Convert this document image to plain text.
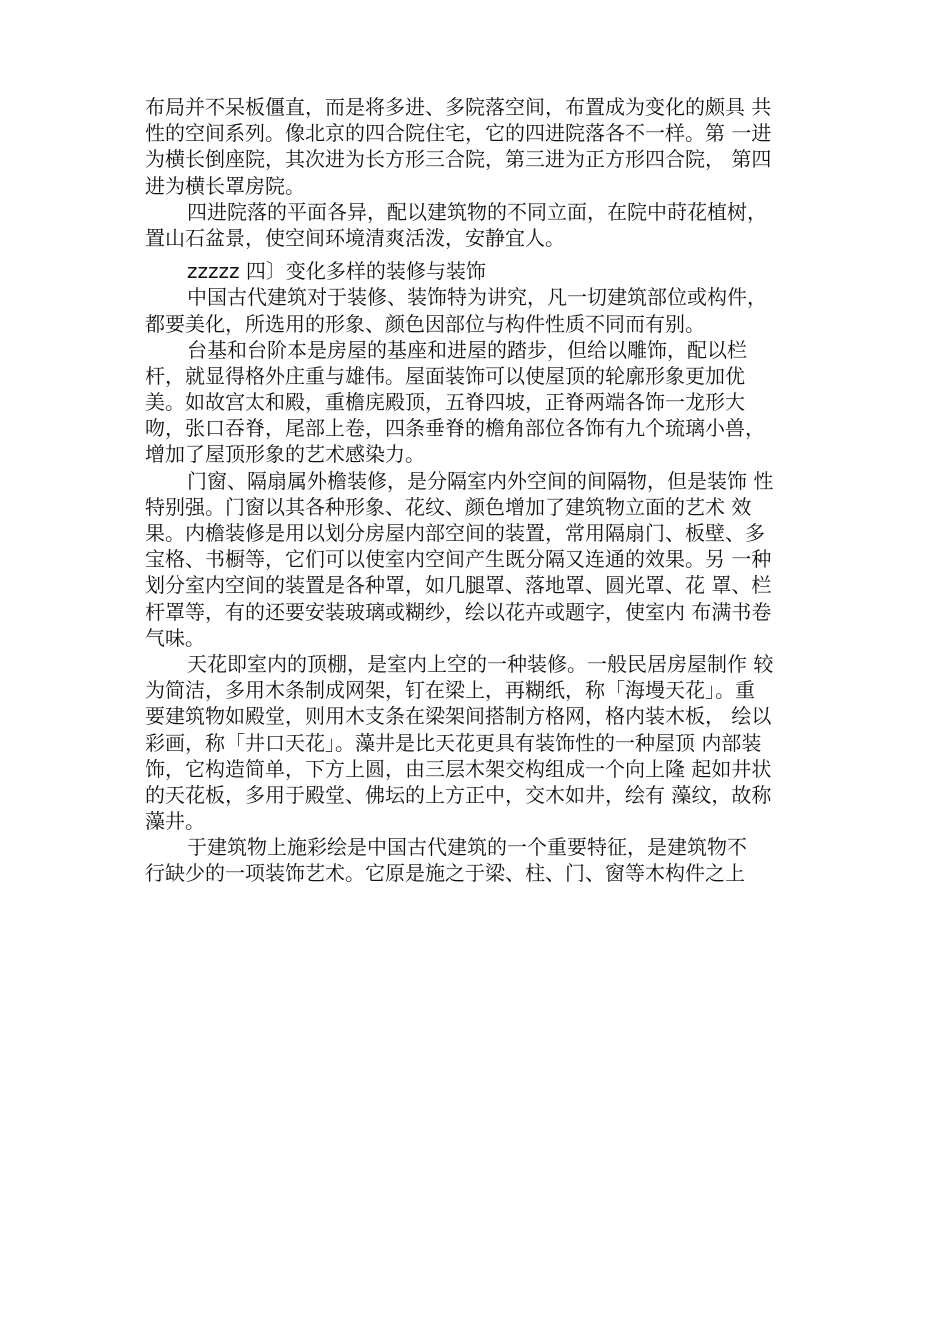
布局并不呆板僵直，而是将多进、多院落空间，布置成为变化的颇具 共
性的空间系列。像北京的四合院住宅，它的四进院落各不一样。第 一进
为横长倒座院，其次进为长方形三合院，第三进为正方形四合院， 第四
进为横长罩房院。
四进院落的平面各异，配以建筑物的不同立面，在院中莳花植树，
置山石盆景，使空间环境清爽活泼，安静宜人。
zzzzz 四〕变化多样的装修与装饰
中国古代建筑对于装修、装饰特为讲究，凡一切建筑部位或构件，
都要美化，所选用的形象、颜色因部位与构件性质不同而有别。
台基和台阶本是房屋的基座和进屋的踏步，但给以雕饰，配以栏
杆，就显得格外庄重与雄伟。屋面装饰可以使屋顶的轮廓形象更加优
美。如故宫太和殿，重檐庑殿顶，五脊四坡，正脊两端各饰一龙形大
吻，张口吞脊，尾部上卷，四条垂脊的檐角部位各饰有九个琉璃小兽，
增加了屋顶形象的艺术感染力。
门窗、隔扇属外檐装修，是分隔室内外空间的间隔物，但是装饰 性
特别强。门窗以其各种形象、花纹、颜色增加了建筑物立面的艺术 效
果。内檐装修是用以划分房屋内部空间的装置，常用隔扇门、板壁、多
宝格、书橱等，它们可以使室内空间产生既分隔又连通的效果。另 一种
划分室内空间的装置是各种罩，如几腿罩、落地罩、圆光罩、花 罩、栏
杆罩等，有的还要安装玻璃或糊纱，绘以花卉或题字，使室内 布满书卷
气味。
天花即室内的顶棚，是室内上空的一种装修。一般民居房屋制作 较
为简洁，多用木条制成网架，钉在梁上，再糊纸，称「海墁天花」。重
要建筑物如殿堂，则用木支条在梁架间搭制方格网，格内装木板， 绘以
彩画，称「井口天花」。藻井是比天花更具有装饰性的一种屋顶 内部装
饰，它构造简单，下方上圆，由三层木架交构组成一个向上隆 起如井状
的天花板，多用于殿堂、佛坛的上方正中，交木如井，绘有 藻纹，故称
藻井。
于建筑物上施彩绘是中国古代建筑的一个重要特征，是建筑物不
行缺少的一项装饰艺术。它原是施之于梁、柱、门、窗等木构件之上
